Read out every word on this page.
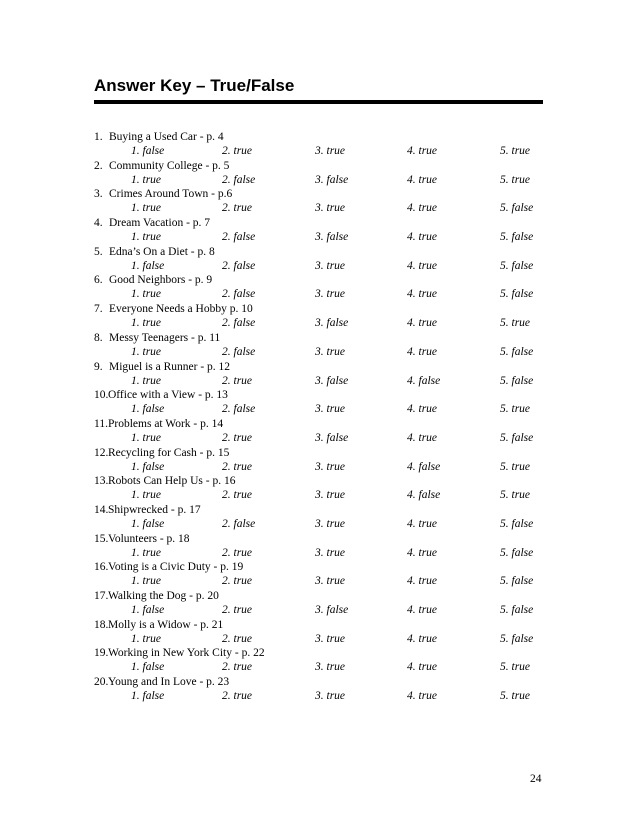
Answer Key – True/False
1. Buying a Used Car - p. 4
1. false	2. true	3. true	4. true	5. true
2. Community College - p. 5
1. true	2. false	3. false	4. true	5. true
3. Crimes Around Town - p.6
1. true	2. true	3. true	4. true	5. false
4. Dream Vacation - p. 7
1. true	2. false	3. false	4. true	5. false
5. Edna’s On a Diet - p. 8
1. false	2. false	3. true	4. true	5. false
6. Good Neighbors - p. 9
1. true	2. false	3. true	4. true	5. false
7. Everyone Needs a Hobby p. 10
1. true	2. false	3. false	4. true	5. true
8. Messy Teenagers - p. 11
1. true	2. false	3. true	4. true	5. false
9. Miguel is a Runner - p. 12
1. true	2. true	3. false	4. false	5. false
10.Office with a View - p. 13
1. false	2. false	3. true	4. true	5. true
11.Problems at Work - p. 14
1. true	2. true	3. false	4. true	5. false
12.Recycling for Cash - p. 15
1. false	2. true	3. true	4. false	5. true
13.Robots Can Help Us - p. 16
1. true	2. true	3. true	4. false	5. true
14.Shipwrecked - p. 17
1. false	2. false	3. true	4. true	5. false
15.Volunteers - p. 18
1. true	2. true	3. true	4. true	5. false
16.Voting is a Civic Duty - p. 19
1. true	2. true	3. true	4. true	5. false
17.Walking the Dog - p. 20
1. false	2. true	3. false	4. true	5. false
18.Molly is a Widow - p. 21
1. true	2. true	3. true	4. true	5. false
19.Working in New York City - p. 22
1. false	2. true	3. true	4. true	5. true
20.Young and In Love - p. 23
1. false	2. true	3. true	4. true	5. true
24
